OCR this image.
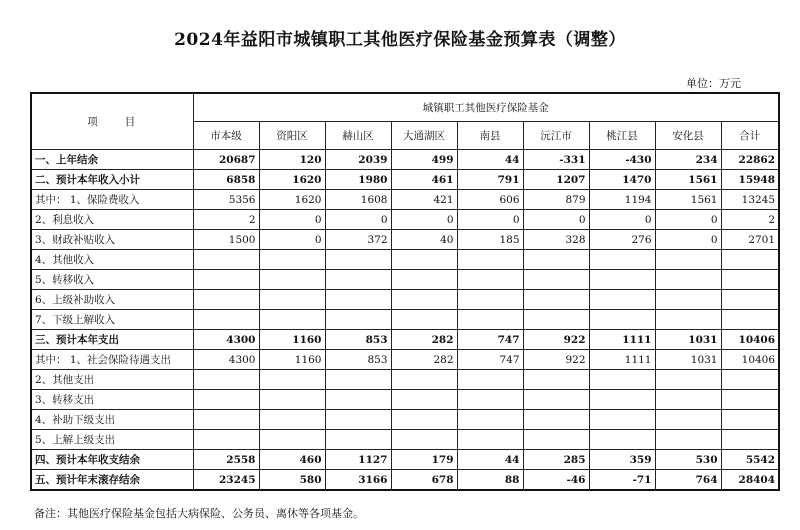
2024年益阳市城镇职工其他医疗保险基金预算表（调整）
单位：万元
项　　目	城镇职工其他医疗保险基金								
	市本级	资阳区	赫山区	大通湖区	南县	沅江市	桃江县	安化县	合计
一、上年结余	20687	120	2039	499	44	-331	-430	234	22862
二、预计本年收入小计	6858	1620	1980	461	791	1207	1470	1561	15948
其中： 1、保险费收入	5356	1620	1608	421	606	879	1194	1561	13245
2、利息收入	2	0	0	0	0	0	0	0	2
3、财政补贴收入	1500	0	372	40	185	328	276	0	2701
4、其他收入									
5、转移收入									
6、上级补助收入									
7、下级上解收入									
三、预计本年支出	4300	1160	853	282	747	922	1111	1031	10406
其中： 1、社会保险待遇支出	4300	1160	853	282	747	922	1111	1031	10406
2、其他支出									
3、转移支出									
4、补助下级支出									
5、上解上级支出									
四、预计本年收支结余	2558	460	1127	179	44	285	359	530	5542
五、预计年末滚存结余	23245	580	3166	678	88	-46	-71	764	28404
备注：其他医疗保险基金包括大病保险、公务员、离休等各项基金。
